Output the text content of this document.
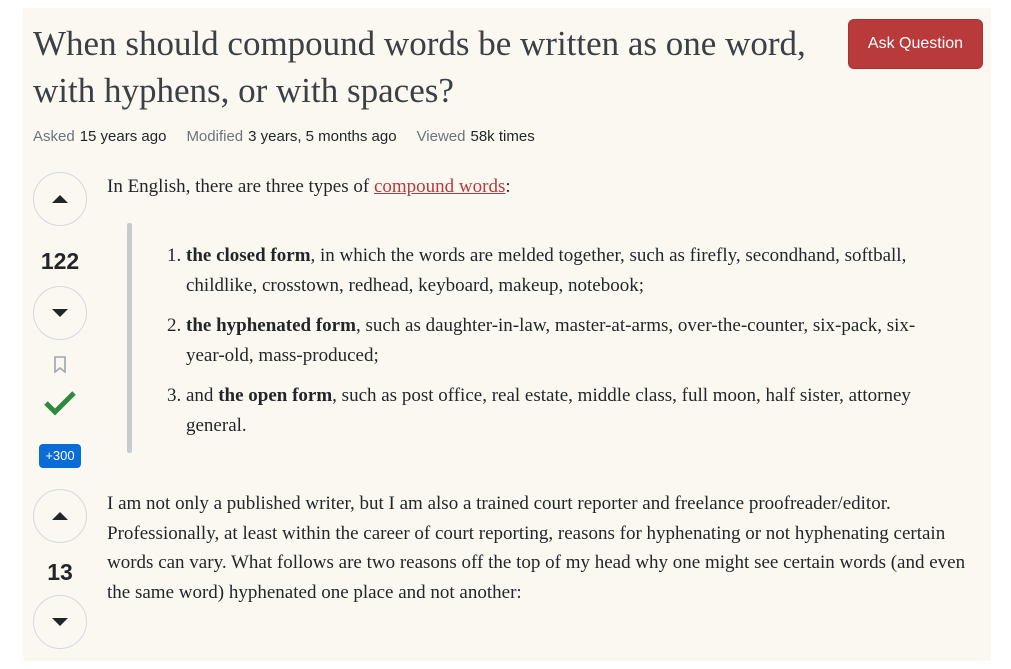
When should compound words be written as one word, with hyphens, or with spaces?
Ask Question
Asked 15 years ago Modified 3 years, 5 months ago Viewed 58k times
122
+300
In English, there are three types of compound words:
1. the closed form, in which the words are melded together, such as firefly, secondhand, softball, childlike, crosstown, redhead, keyboard, makeup, notebook;
2. the hyphenated form, such as daughter-in-law, master-at-arms, over-the-counter, six-pack, six-year-old, mass-produced;
3. and the open form, such as post office, real estate, middle class, full moon, half sister, attorney general.
13
I am not only a published writer, but I am also a trained court reporter and freelance proofreader/editor. Professionally, at least within the career of court reporting, reasons for hyphenating or not hyphenating certain words can vary. What follows are two reasons off the top of my head why one might see certain words (and even the same word) hyphenated one place and not another:
